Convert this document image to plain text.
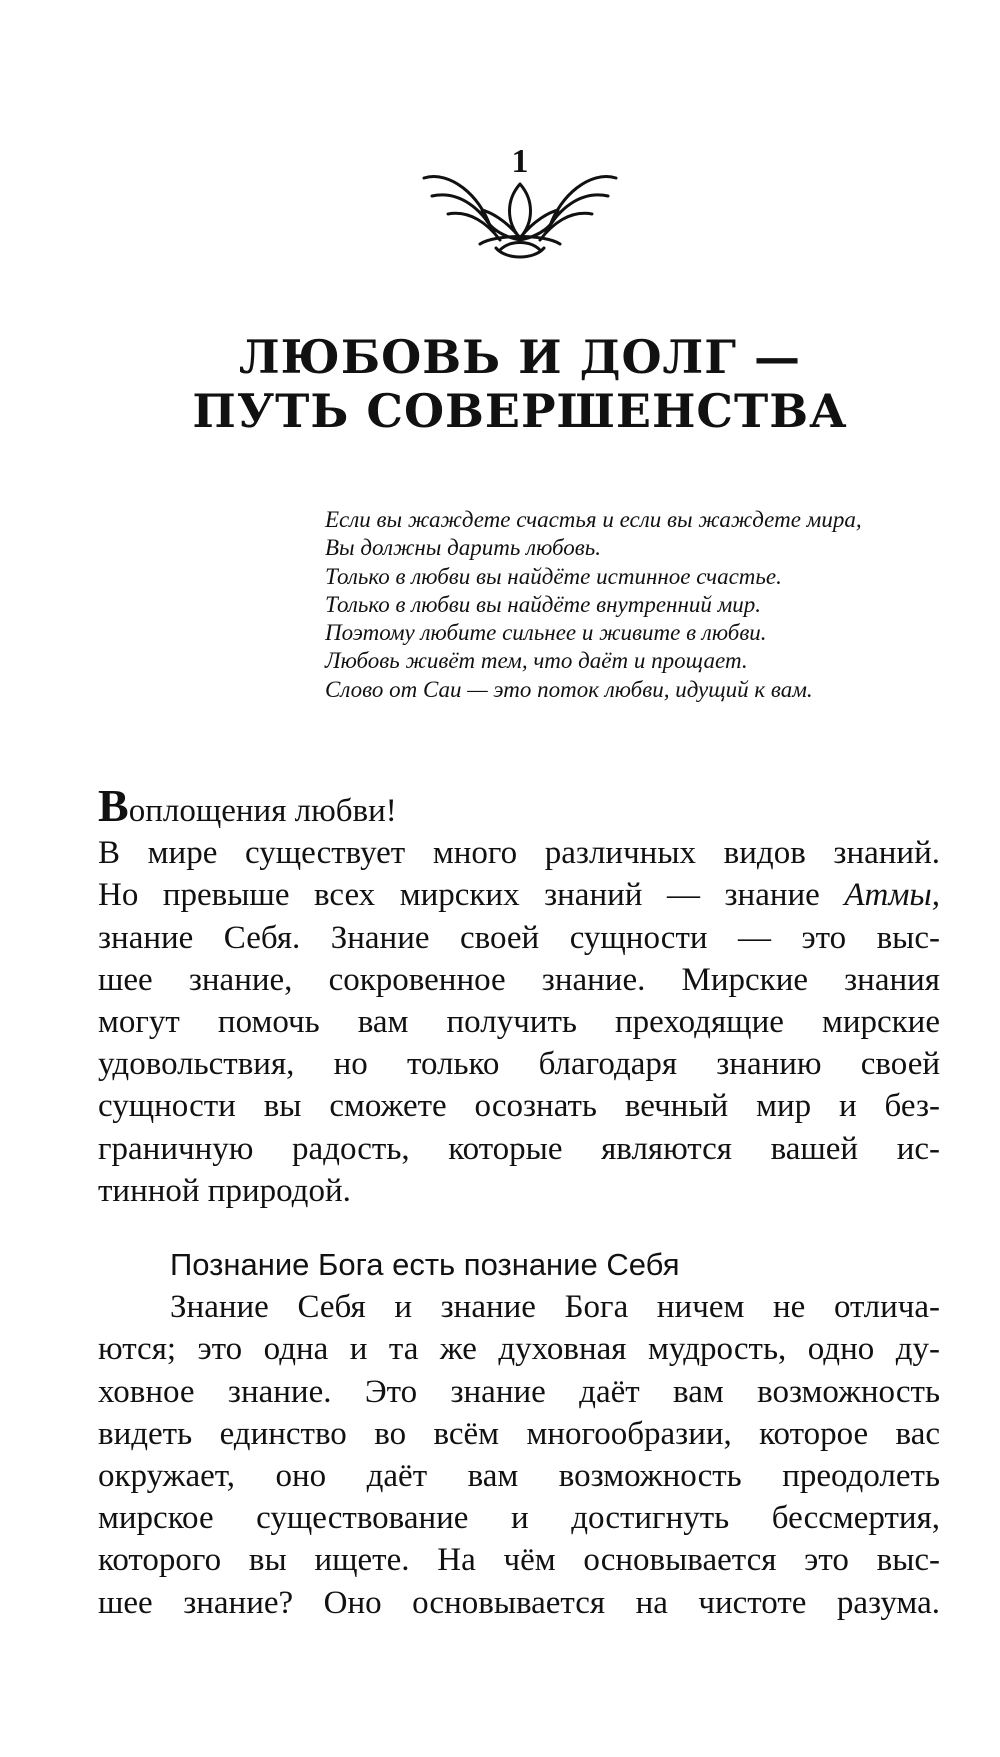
1
ЛЮБОВЬ И ДОЛГ —
ПУТЬ СОВЕРШЕНСТВА
Если вы жаждете счастья и если вы жаждете мира,
Вы должны дарить любовь.
Только в любви вы найдёте истинное счастье.
Только в любви вы найдёте внутренний мир.
Поэтому любите сильнее и живите в любви.
Любовь живёт тем, что даёт и прощает.
Слово от Саи — это поток любви, идущий к вам.
Воплощения любви!
В мире существует много различных видов знаний.
Но превыше всех мирских знаний — знание Атмы,
знание Себя. Знание своей сущности — это выс-
шее знание, сокровенное знание. Мирские знания
могут помочь вам получить преходящие мирские
удовольствия, но только благодаря знанию своей
сущности вы сможете осознать вечный мир и без-
граничную радость, которые являются вашей ис-
тинной природой.
Познание Бога есть познание Себя
Знание Себя и знание Бога ничем не отлича-
ются; это одна и та же духовная мудрость, одно ду-
ховное знание. Это знание даёт вам возможность
видеть единство во всём многообразии, которое вас
окружает, оно даёт вам возможность преодолеть
мирское существование и достигнуть бессмертия,
которого вы ищете. На чём основывается это выс-
шее знание? Оно основывается на чистоте разума.
